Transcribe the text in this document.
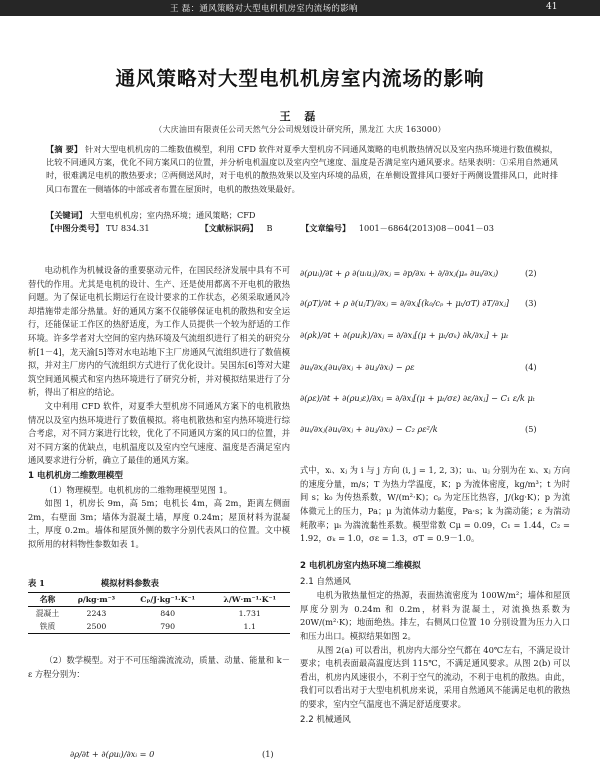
王 磊：通风策略对大型电机机房室内流场的影响	41
通风策略对大型电机机房室内流场的影响
王 磊
（大庆油田有限责任公司天然气分公司规划设计研究所，黑龙江 大庆 163000）
【摘 要】 针对大型电机机房的二维数值模型，利用 CFD 软件对夏季大型机房不同通风策略的电机散热情况以及室内热环境进行数值模拟，比较不同通风方案，优化不同方案风口的位置，并分析电机温度以及室内空气速度、温度是否满足室内通风要求。结果表明：①采用自然通风时，很难满足电机的散热要求；②两侧送风时，对于电机的散热效果以及室内环境的品质，在单侧设置排风口要好于两侧设置排风口，此时排风口布置在一侧墙体的中部或者布置在屋顶时，电机的散热效果最好。
【关键词】 大型电机机房；室内热环境；通风策略；CFD
【中图分类号】 TU 834.31	【文献标识码】 B	【文章编号】 1001－6864(2013)08－0041－03

电动机作为机械设备的重要驱动元件，在国民经济发展中具有不可替代的作用。尤其是电机的设计、生产、还是使用都离不开电机的散热问题。为了保证电机长期运行在设计要求的工作状态，必须采取通风冷却措施带走部分热量。好的通风方案不仅能够保证电机的散热和安全运行，还能保证工作区的热舒适度，为工作人员提供一个较为舒适的工作环境。许多学者对大空间的室内热环境及气流组织进行了相关的研究分析[1－4]，龙天渝[5]等对水电站地下主厂房通风气流组织进行了数值模拟，并对主厂房内的气流组织方式进行了优化设计。吴国东[6]等对大建筑空间通风模式和室内热环境进行了研究分析，并对模拟结果进行了分析，得出了相应的结论。

文中利用 CFD 软件，对夏季大型机房不同通风方案下的电机散热情况以及室内热环境进行了数值模拟。将电机散热和室内热环境进行综合考虑，对不同方案进行比较，优化了不同通风方案的风口的位置，并对不同方案的优缺点，电机温度以及室内空气速度、温度是否满足室内通风要求进行分析，确立了最佳的通风方案。

1 电机机房二维数理模型

（1）物理模型。电机机房的二维物理模型见图 1。

如图 1，机房长 9m，高 5m；电机长 4m，高 2m，距离左侧面 2m，右壁面 3m；墙体为混凝土墙，厚度 0.24m；屋顶材料为混凝土，厚度 0.2m。墙体和屋顶外侧的数字分别代表风口的位置。文中模拟所用的材料物性参数如表 1。

表 1	模拟材料参数表
名称	ρ/kg·m⁻³	Cₚ/J·kg⁻¹·K⁻¹	λ/W·m⁻¹·K⁻¹
混凝土	2243	840	1.731
铁质	2500	790	1.1

（2）数学模型。对于不可压缩湍流流动，质量、动量、能量和 k－ε 方程分别为：

∂ρ/∂t + ∂(ρuᵢ)/∂xᵢ = 0	(1)
∂(ρuᵢ)/∂t + ρ ∂(uᵢuⱼ)/∂xⱼ = ∂p/∂xᵢ + ∂/∂xⱼ(μₑ ∂uᵢ/∂xⱼ)	(2)
∂(ρT)/∂t + ρ ∂(uⱼT)/∂xⱼ = ∂/∂xⱼ[(k₀/cₚ + μₜ/σT) ∂T/∂xⱼ]	(3)
∂(ρk)/∂t + ∂(ρuⱼk)/∂xⱼ = ∂/∂xⱼ[(μ + μₜ/σₖ) ∂k/∂xⱼ] + μₜ
∂uᵢ/∂xⱼ(∂uᵢ/∂xⱼ + ∂uⱼ/∂xᵢ) − ρε	(4)
∂(ρε)/∂t + ∂(ρuⱼε)/∂xⱼ = ∂/∂xⱼ[(μ + μₜ/σε) ∂ε/∂xⱼ] − C₁ ε/k μₜ
∂uᵢ/∂xⱼ(∂uᵢ/∂xⱼ + ∂uⱼ/∂xᵢ) − C₂ ρε²/k	(5)

式中，xᵢ、xⱼ 为 i 与 j 方向 (i, j = 1, 2, 3)；uᵢ、uⱼ 分别为在 xᵢ、xⱼ 方向的速度分量，m/s；T 为热力学温度，K；p 为流体密度，kg/m³；t 为时间 s；k₀ 为传热系数，W/(m²·K)；cₚ 为定压比热容，J/(kg·K)；p 为流体微元上的压力，Pa；μ 为流体动力黏度，Pa·s；k 为湍动能；ε 为湍动耗散率；μₜ 为湍流黏性系数。模型常数 Cμ = 0.09，C₁ = 1.44，C₂ = 1.92，σₖ = 1.0，σε = 1.3，σT = 0.9－1.0。

2 电机机房室内热环境二维模拟
2.1 自然通风

电机为散热量恒定的热源，表面热流密度为 100W/m²；墙体和屋顶厚度分别为 0.24m 和 0.2m，材料为混凝土，对流换热系数为 20W/(m²·K)；地面绝热。排左，右侧风口位置 10 分别设置为压力入口和压力出口。模拟结果如图 2。

从图 2(a) 可以看出，机房内大部分空气都在 40℃左右，不满足设计要求；电机表面最高温度达到 115℃，不满足通风要求。从图 2(b) 可以看出，机房内风速很小，不利于空气的流动，不利于电机的散热。由此，我们可以看出对于大型电机机房来说，采用自然通风不能满足电机的散热的要求，室内空气温度也不满足舒适度要求。

2.2 机械通风
